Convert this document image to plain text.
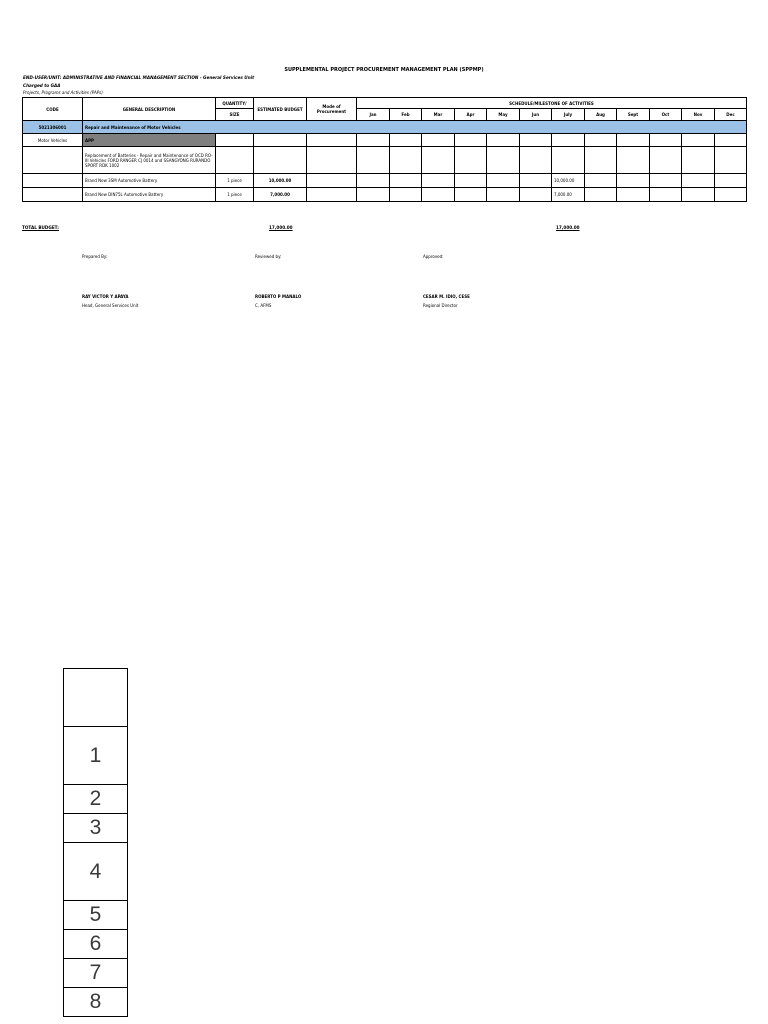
SUPPLEMENTAL PROJECT PROCUREMENT MANAGEMENT PLAN (SPPMP)
END-USER/UNIT: ADMINISTRATIVE AND FINANCIAL MANAGEMENT SECTION - General Services Unit
Charged to GAA
Projects, Programs and Activities (PAPs)
CODE	GENERAL DESCRIPTION	QUANTITY/	ESTIMATED BUDGET	Mode of Procurement	SCHEDULE/MILESTONE OF ACTIVITIES											
		SIZE			Jan	Feb	Mar	Apr	May	Jun	July	Aug	Sept	Oct	Nov	Dec
5021306001	Repair and Maintenance of Motor Vehicles															
Motor Vehicles	APP															
	Replacement of Batteries - Repair and Maintenance of OCD RO-III Vehicles FORD RANGER CJ 0014 and SSANGYONG RURANDO SPORT RDK 1002															
	Brand New 3SM Automotive Battery	1 piece	10,000.00								10,000.00					
	Brand New DIN75L Automotive Battery	1 piece	7,000.00								7,000.00					
TOTAL BUDGET:	17,000.00	17,000.00
Prepared By:	Reviewed by:	Approved:
RAY VICTOR Y APAYA	ROBERTO P MANALO	CESAR M. IDIO, CESE
Head, General Services Unit	C, AFMS	Regional Director

1
2
3
4
5
6
7
8
